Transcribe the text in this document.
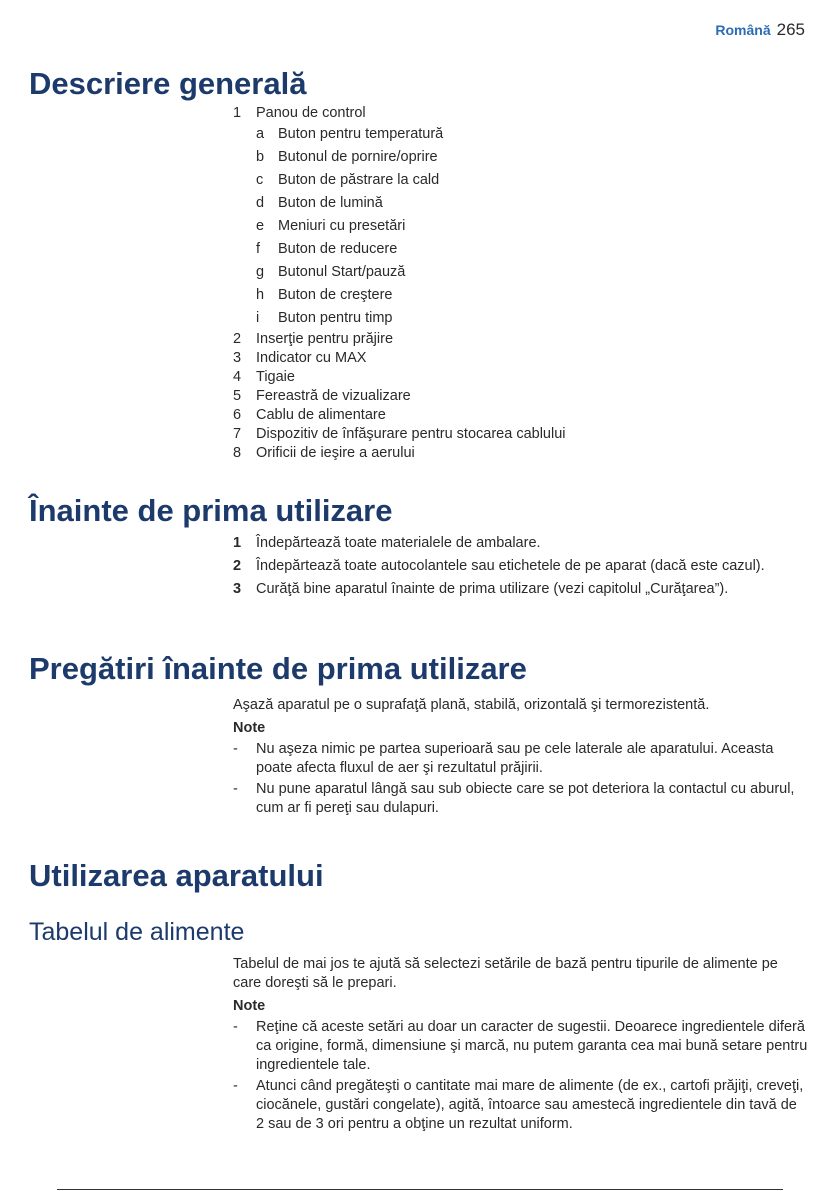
Română 265
Descriere generală
1	Panou de control
a Buton pentru temperatură
b Butonul de pornire/oprire
c	Buton de păstrare la cald
d Buton de lumină
e Meniuri cu presetări
f	Buton de reducere
g Butonul Start/pauză
h Buton de creştere
i	Buton pentru timp
2	Inserţie pentru prăjire
3	Indicator cu MAX
4	Tigaie
5	Fereastră de vizualizare
6	Cablu de alimentare
7	Dispozitiv de înfăşurare pentru stocarea cablului
8	Orificii de ieşire a aerului
Înainte de prima utilizare
1	Îndepărtează toate materialele de ambalare.
2	Îndepărtează toate autocolantele sau etichetele de pe aparat (dacă este cazul).
3	Curăţă bine aparatul înainte de prima utilizare (vezi capitolul „Curăţarea”).
Pregătiri înainte de prima utilizare

Aşază aparatul pe o suprafaţă plană, stabilă, orizontală şi termorezistentă.

Note
-	Nu aşeza nimic pe partea superioară sau pe cele laterale ale aparatului. Aceasta poate afecta fluxul de aer şi rezultatul prăjirii.
-	Nu pune aparatul lângă sau sub obiecte care se pot deteriora la contactul cu aburul, cum ar fi pereţi sau dulapuri.
Utilizarea aparatului
Tabelul de alimente

Tabelul de mai jos te ajută să selectezi setările de bază pentru tipurile de alimente pe care doreşti să le prepari.

Note
-	Reţine că aceste setări au doar un caracter de sugestii. Deoarece ingredientele diferă ca origine, formă, dimensiune şi marcă, nu putem garanta cea mai bună setare pentru ingredientele tale.
-	Atunci când pregăteşti o cantitate mai mare de alimente (de ex., cartofi prăjiţi, creveţi, ciocănele, gustări congelate), agită, întoarce sau amestecă ingredientele din tavă de 2 sau de 3 ori pentru a obţine un rezultat uniform.
